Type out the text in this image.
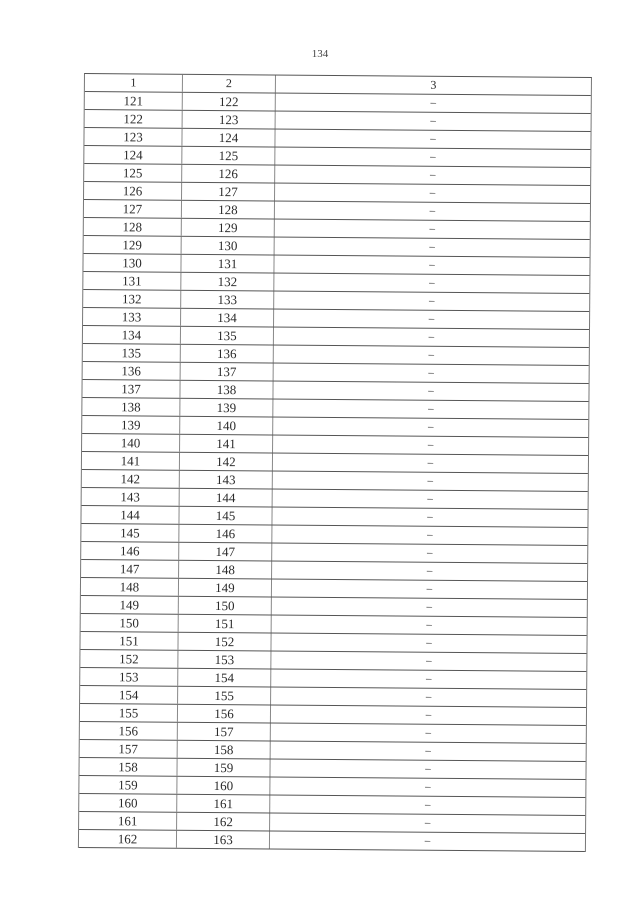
134
1	2	3
121	122	–
122	123	–
123	124	–
124	125	–
125	126	–
126	127	–
127	128	–
128	129	–
129	130	–
130	131	–
131	132	–
132	133	–
133	134	–
134	135	–
135	136	–
136	137	–
137	138	–
138	139	–
139	140	–
140	141	–
141	142	–
142	143	–
143	144	–
144	145	–
145	146	–
146	147	–
147	148	–
148	149	–
149	150	–
150	151	–
151	152	–
152	153	–
153	154	–
154	155	–
155	156	–
156	157	–
157	158	–
158	159	–
159	160	–
160	161	–
161	162	–
162	163	–
